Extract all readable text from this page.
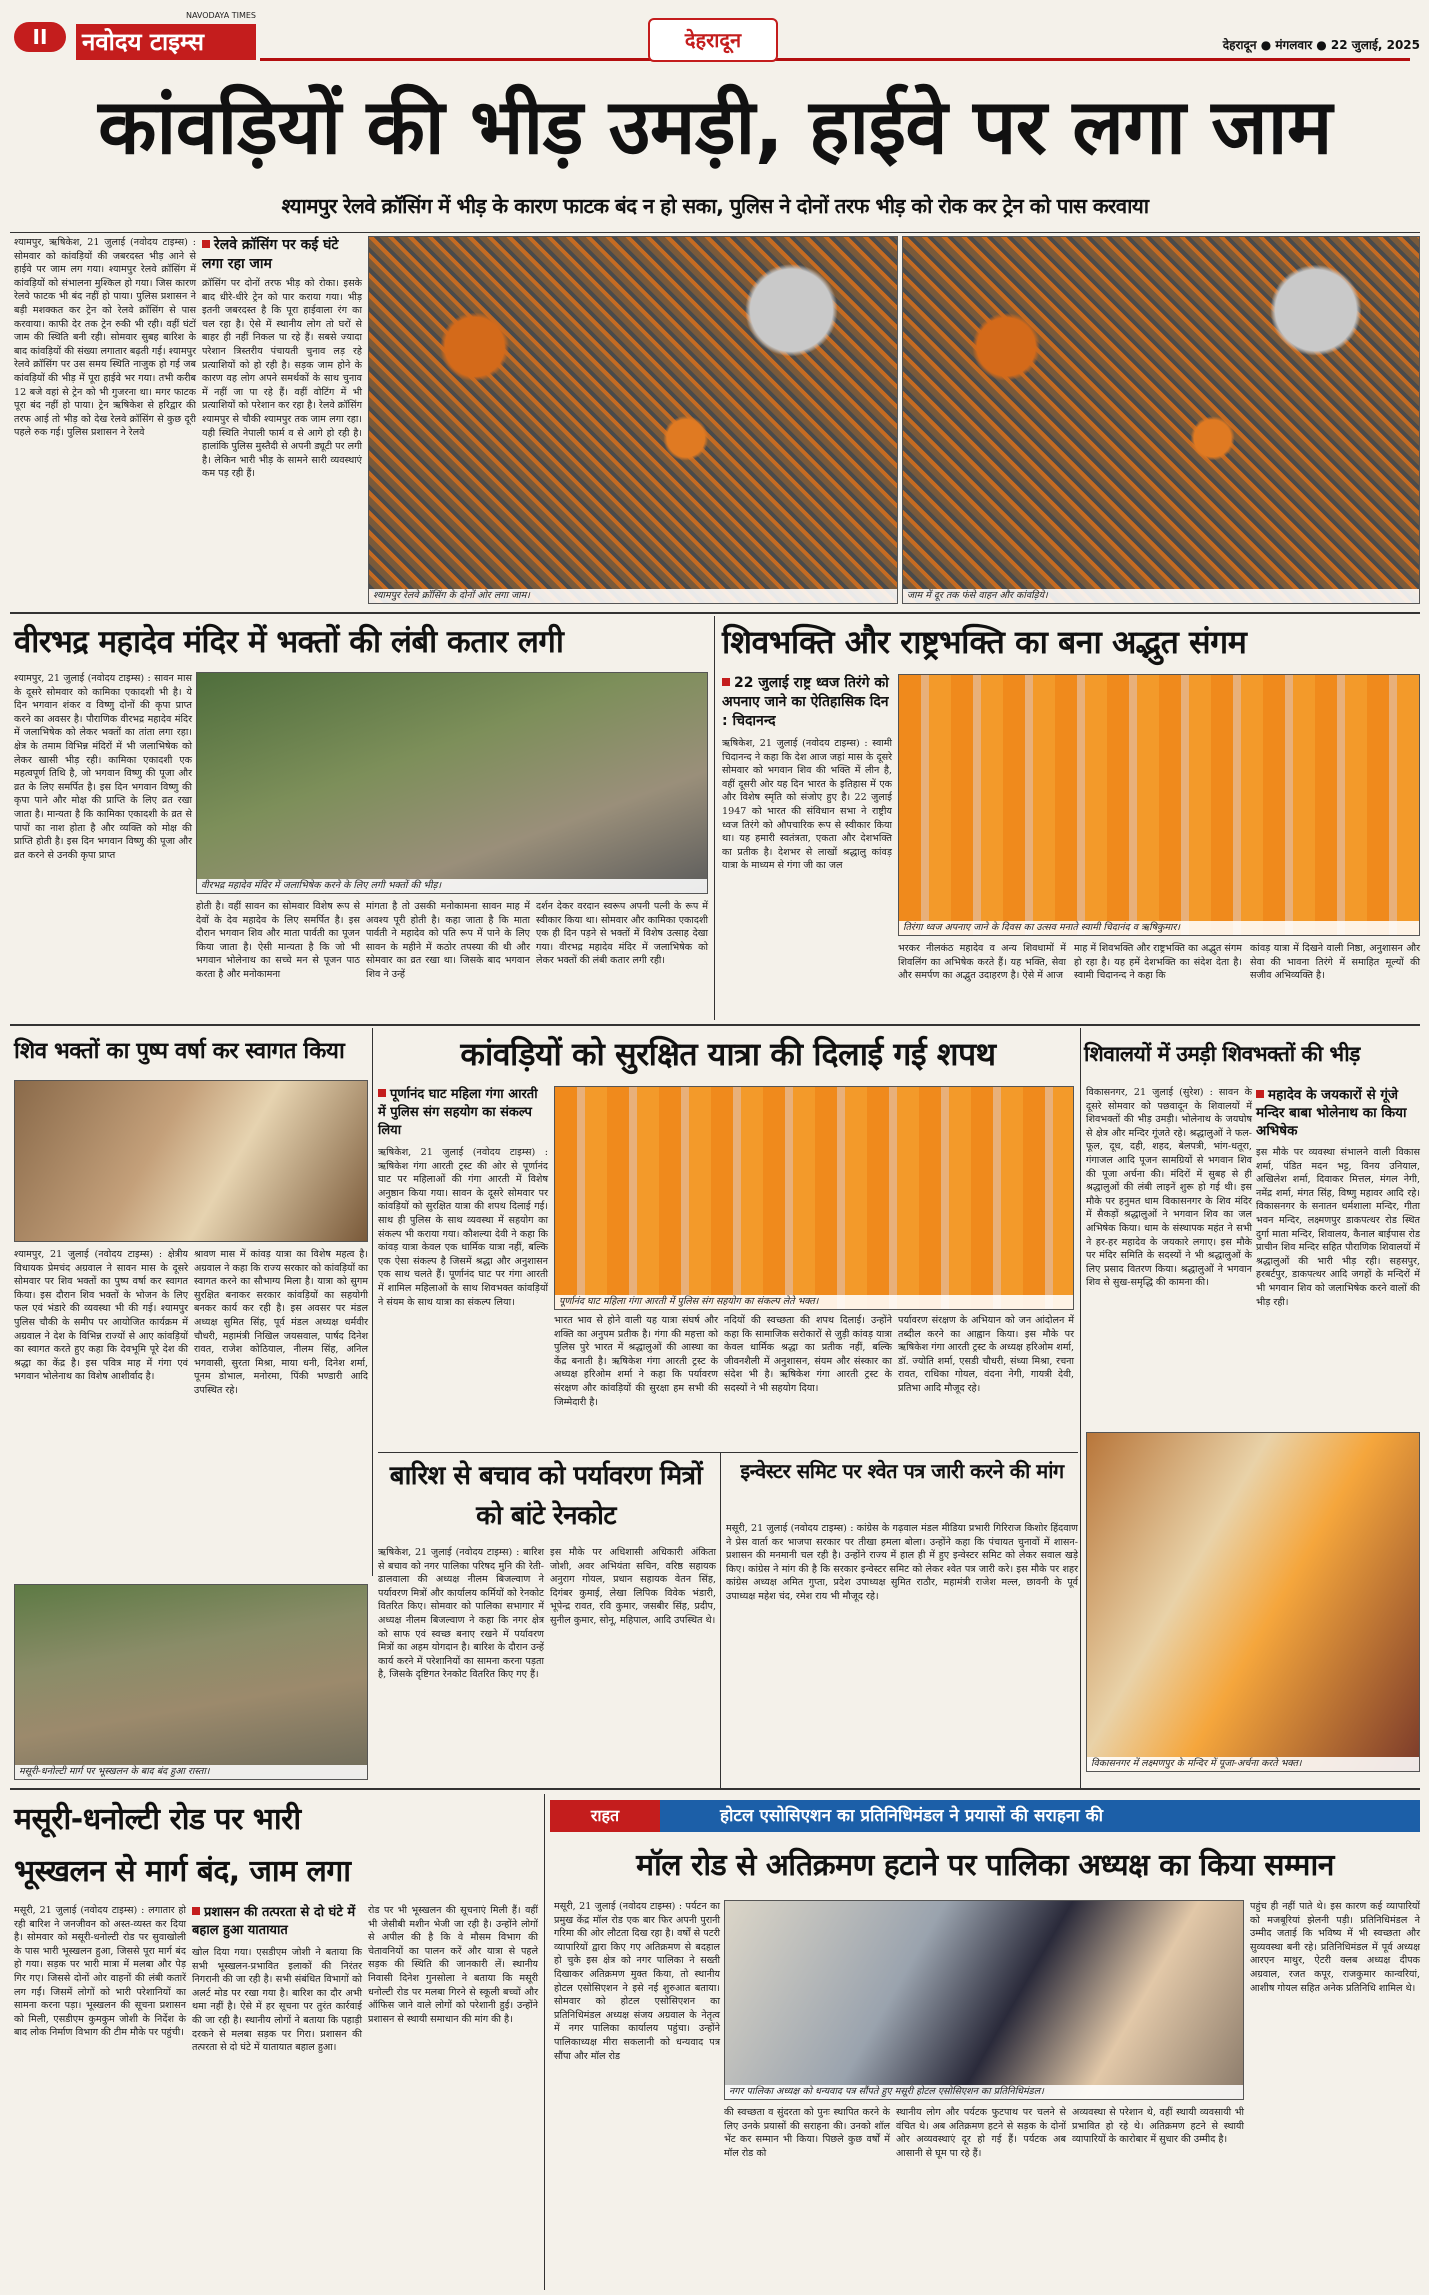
II
NAVODAYA TIMES
नवोदय टाइम्स	देहरादून	देहरादून ● मंगलवार ● 22 जुलाई, 2025
कांवड़ियों की भीड़ उमड़ी, हाईवे पर लगा जाम
श्यामपुर रेलवे क्रॉसिंग में भीड़ के कारण फाटक बंद न हो सका, पुलिस ने दोनों तरफ भीड़ को रोक कर ट्रेन को पास करवाया
श्यामपुर, ऋषिकेश, 21 जुलाई (नवोदय टाइम्स) : सोमवार को कांवड़ियों की जबरदस्त भीड़ आने से हाईवे पर जाम लग गया। श्यामपुर रेलवे क्रॉसिंग में कांवड़ियों को संभालना मुश्किल हो गया। जिस कारण रेलवे फाटक भी बंद नहीं हो पाया। पुलिस प्रशासन ने बड़ी मशक्कत कर ट्रेन को रेलवे क्रॉसिंग से पास करवाया। काफी देर तक ट्रेन रुकी भी रही। वहीं घंटों जाम की स्थिति बनी रही। सोमवार सुबह बारिश के बाद कांवड़ियों की संख्या लगातार बढ़ती गई। श्यामपुर रेलवे क्रॉसिंग पर उस समय स्थिति नाजुक हो गई जब कांवड़ियों की भीड़ में पूरा हाईवे भर गया। तभी करीब 12 बजे वहां से ट्रेन को भी गुजरना था। मगर फाटक पूरा बंद नहीं हो पाया। ट्रेन ऋषिकेश से हरिद्वार की तरफ आई तो भीड़ को देख रेलवे क्रॉसिंग से कुछ दूरी पहले रुक गई। पुलिस प्रशासन ने रेलवे
रेलवे क्रॉसिंग पर कई घंटे लगा रहा जाम
क्रॉसिंग पर दोनों तरफ भीड़ को रोका। इसके बाद धीरे-धीरे ट्रेन को पार कराया गया। भीड़ इतनी जबरदस्त है कि पूरा हाईवाला रंग का चल रहा है। ऐसे में स्थानीय लोग तो घरों से बाहर ही नहीं निकल पा रहे हैं। सबसे ज्यादा परेशान त्रिस्तरीय पंचायती चुनाव लड़ रहे प्रत्याशियों को हो रही है। सड़क जाम होने के कारण वह लोग अपने समर्थकों के साथ चुनाव में नहीं जा पा रहे हैं। वहीं वोटिंग में भी प्रत्याशियों को परेशान कर रहा है। रेलवे क्रॉसिंग श्यामपुर से चौकी श्यामपुर तक जाम लगा रहा। यही स्थिति नेपाली फार्म व से आगे हो रही है। हालांकि पुलिस मुस्तैदी से अपनी ड्यूटी पर लगी है। लेकिन भारी भीड़ के सामने सारी व्यवस्थाएं कम पड़ रही हैं।
श्यामपुर रेलवे क्रॉसिंग के दोनों ओर लगा जाम।	जाम में दूर तक फंसे वाहन और कांवड़िये।
वीरभद्र महादेव मंदिर में भक्तों की लंबी कतार लगी
श्यामपुर, 21 जुलाई (नवोदय टाइम्स) : सावन मास के दूसरे सोमवार को कामिका एकादशी भी है। ये दिन भगवान शंकर व विष्णु दोनों की कृपा प्राप्त करने का अवसर है। पौराणिक वीरभद्र महादेव मंदिर में जलाभिषेक को लेकर भक्तों का तांता लगा रहा। क्षेत्र के तमाम विभिन्न मंदिरों में भी जलाभिषेक को लेकर खासी भीड़ रही। कामिका एकादशी एक महत्वपूर्ण तिथि है, जो भगवान विष्णु की पूजा और व्रत के लिए समर्पित है। इस दिन भगवान विष्णु की कृपा पाने और मोक्ष की प्राप्ति के लिए व्रत रखा जाता है। मान्यता है कि कामिका एकादशी के व्रत से पापों का नाश होता है और व्यक्ति को मोक्ष की प्राप्ति होती है। इस दिन भगवान विष्णु की पूजा और व्रत करने से उनकी कृपा प्राप्त
वीरभद्र महादेव मंदिर में जलाभिषेक करने के लिए लगी भक्तों की भीड़।
होती है। वहीं सावन का सोमवार विशेष रूप से देवों के देव महादेव के लिए समर्पित है। इस दौरान भगवान शिव और माता पार्वती का पूजन किया जाता है। ऐसी मान्यता है कि जो भी भगवान भोलेनाथ का सच्चे मन से पूजन पाठ करता है और मनोकामना
मांगता है तो उसकी मनोकामना सावन माह में अवश्य पूरी होती है। कहा जाता है कि माता पार्वती ने महादेव को पति रूप में पाने के लिए सावन के महीने में कठोर तपस्या की थी और सोमवार का व्रत रखा था। जिसके बाद भगवान शिव ने उन्हें
दर्शन देकर वरदान स्वरूप अपनी पत्नी के रूप में स्वीकार किया था। सोमवार और कामिका एकादशी एक ही दिन पड़ने से भक्तों में विशेष उत्साह देखा गया। वीरभद्र महादेव मंदिर में जलाभिषेक को लेकर भक्तों की लंबी कतार लगी रही।
शिवभक्ति और राष्ट्रभक्ति का बना अद्भुत संगम
22 जुलाई राष्ट्र ध्वज तिरंगे को अपनाए जाने का ऐतिहासिक दिन : चिदानन्द
ऋषिकेश, 21 जुलाई (नवोदय टाइम्स) : स्वामी चिदानन्द ने कहा कि देश आज जहां मास के दूसरे सोमवार को भगवान शिव की भक्ति में लीन है, वहीं दूसरी ओर यह दिन भारत के इतिहास में एक और विशेष स्मृति को संजोए हुए है। 22 जुलाई 1947 को भारत की संविधान सभा ने राष्ट्रीय ध्वज तिरंगे को औपचारिक रूप से स्वीकार किया था। यह हमारी स्वतंत्रता, एकता और देशभक्ति का प्रतीक है। देशभर से लाखों श्रद्धालु कांवड़ यात्रा के माध्यम से गंगा जी का जल
तिरंगा ध्वज अपनाए जाने के दिवस का उत्सव मनाते स्वामी चिदानंद व ऋषिकुमार।
भरकर नीलकंठ महादेव व अन्य शिवधामों में शिवलिंग का अभिषेक करते हैं। यह भक्ति, सेवा और समर्पण का अद्भुत उदाहरण है। ऐसे में आज
माह में शिवभक्ति और राष्ट्रभक्ति का अद्भुत संगम हो रहा है। यह हमें देशभक्ति का संदेश देता है। स्वामी चिदानन्द ने कहा कि
कांवड़ यात्रा में दिखने वाली निष्ठा, अनुशासन और सेवा की भावना तिरंगे में समाहित मूल्यों की सजीव अभिव्यक्ति है।
शिव भक्तों का पुष्प वर्षा कर स्वागत किया
श्यामपुर, 21 जुलाई (नवोदय टाइम्स) : क्षेत्रीय विधायक प्रेमचंद अग्रवाल ने सावन मास के दूसरे सोमवार पर शिव भक्तों का पुष्प वर्षा कर स्वागत किया। इस दौरान शिव भक्तों के भोजन के लिए फल एवं भंडारे की व्यवस्था भी की गई। श्यामपुर पुलिस चौकी के समीप पर आयोजित कार्यक्रम में अग्रवाल ने देश के विभिन्न राज्यों से आए कांवड़ियों का स्वागत करते हुए कहा कि देवभूमि पूरे देश की श्रद्धा का केंद्र है। इस पवित्र माह में गंगा एवं भगवान भोलेनाथ का विशेष आशीर्वाद है।
श्रावण मास में कांवड़ यात्रा का विशेष महत्व है। अग्रवाल ने कहा कि राज्य सरकार को कांवड़ियों का स्वागत करने का सौभाग्य मिला है। यात्रा को सुगम सुरक्षित बनाकर सरकार कांवड़ियों का सहयोगी बनकर कार्य कर रही है। इस अवसर पर मंडल अध्यक्ष सुमित सिंह, पूर्व मंडल अध्यक्ष धर्मवीर चौधरी, महामंत्री निखिल जयसवाल, पार्षद दिनेश रावत, राजेश कोठियाल, नीलम सिंह, अनिल भगवासी, सुरता मिश्रा, माया धनी, दिनेश शर्मा, पूनम डोभाल, मनोरमा, पिंकी भण्डारी आदि उपस्थित रहे।
कांवड़ियों को सुरक्षित यात्रा की दिलाई गई शपथ
पूर्णानंद घाट महिला गंगा आरती में पुलिस संग सहयोग का संकल्प लिया
ऋषिकेश, 21 जुलाई (नवोदय टाइम्स) : ऋषिकेश गंगा आरती ट्रस्ट की ओर से पूर्णानंद घाट पर महिलाओं की गंगा आरती में विशेष अनुष्ठान किया गया। सावन के दूसरे सोमवार पर कांवड़ियों को सुरक्षित यात्रा की शपथ दिलाई गई। साथ ही पुलिस के साथ व्यवस्था में सहयोग का संकल्प भी कराया गया। कौशल्या देवी ने कहा कि कांवड़ यात्रा केवल एक धार्मिक यात्रा नहीं, बल्कि एक ऐसा संकल्प है जिसमें श्रद्धा और अनुशासन एक साथ चलते हैं। पूर्णानंद घाट पर गंगा आरती में शामिल महिलाओं के साथ शिवभक्त कांवड़ियों ने संयम के साथ यात्रा का संकल्प लिया।	पूर्णानंद घाट महिला गंगा आरती में पुलिस संग सहयोग का संकल्प लेते भक्त।
भारत भाव से होने वाली यह यात्रा संघर्ष और शक्ति का अनुपम प्रतीक है। गंगा की महत्ता को पुलिस पुरे भारत में श्रद्धालुओं की आस्था का केंद्र बनाती है। ऋषिकेश गंगा आरती ट्रस्ट के अध्यक्ष हरिओम शर्मा ने कहा कि पर्यावरण संरक्षण और कांवड़ियों की सुरक्षा हम सभी की जिम्मेदारी है।
नदियों की स्वच्छता की शपथ दिलाई। उन्होंने कहा कि सामाजिक सरोकारों से जुड़ी कांवड़ यात्रा केवल धार्मिक श्रद्धा का प्रतीक नहीं, बल्कि जीवनशैली में अनुशासन, संयम और संस्कार का संदेश भी है। ऋषिकेश गंगा आरती ट्रस्ट के सदस्यों ने भी सहयोग दिया।
पर्यावरण संरक्षण के अभियान को जन आंदोलन में तब्दील करने का आह्वान किया। इस मौके पर ऋषिकेश गंगा आरती ट्रस्ट के अध्यक्ष हरिओम शर्मा, डॉ. ज्योति शर्मा, एसडी चौधरी, संध्या मिश्रा, रचना रावत, राधिका गोयल, वंदना नेगी, गायत्री देवी, प्रतिभा आदि मौजूद रहे।
शिवालयों में उमड़ी शिवभक्तों की भीड़
विकासनगर, 21 जुलाई (सुरेश) : सावन के दूसरे सोमवार को पछवादून के शिवालयों में शिवभक्तों की भीड़ उमड़ी। भोलेनाथ के जयघोष से क्षेत्र और मन्दिर गूंजते रहे। श्रद्धालुओं ने फल-फूल, दूध, दही, शहद, बेलपत्री, भांग-धतूरा, गंगाजल आदि पूजन सामग्रियों से भगवान शिव की पूजा अर्चना की। मंदिरों में सुबह से ही श्रद्धालुओं की लंबी लाइनें शुरू हो गई थी। इस मौके पर हनुमत धाम विकासनगर के शिव मंदिर में सैकड़ों श्रद्धालुओं ने भगवान शिव का जल अभिषेक किया। धाम के संस्थापक महंत ने सभी ने हर-हर महादेव के जयकारे लगाए। इस मौके पर मंदिर समिति के सदस्यों ने भी श्रद्धालुओं के लिए प्रसाद वितरण किया। श्रद्धालुओं ने भगवान शिव से सुख-समृद्धि की कामना की।
महादेव के जयकारों से गूंजे मन्दिर बाबा भोलेनाथ का किया अभिषेक
इस मौके पर व्यवस्था संभालने वाली विकास शर्मा, पंडित मदन भट्ट, विनय उनियाल, अखिलेश शर्मा, दिवाकर मित्तल, मंगल नेगी, नमेंद्र शर्मा, मंगत सिंह, विष्णु महावर आदि रहे। विकासनगर के सनातन धर्मशाला मन्दिर, गीता भवन मन्दिर, लक्ष्मणपुर डाकपत्थर रोड स्थित दुर्गा माता मन्दिर, शिवालय, कैनाल बाईपास रोड प्राचीन शिव मन्दिर सहित पौराणिक शिवालयों में श्रद्धालुओं की भारी भीड़ रही। सहसपुर, हरबर्टपुर, डाकपत्थर आदि जगहों के मन्दिरों में भी भगवान शिव को जलाभिषेक करने वालों की भीड़ रही।
विकासनगर में लक्ष्मणपुर के मन्दिर में पूजा-अर्चना करते भक्त।
बारिश से बचाव को पर्यावरण मित्रों को बांटे रेनकोट
ऋषिकेश, 21 जुलाई (नवोदय टाइम्स) : बारिश से बचाव को नगर पालिका परिषद मुनि की रेती-ढालवाला की अध्यक्ष नीलम बिजल्वाण ने पर्यावरण मित्रों और कार्यालय कर्मियों को रेनकोट वितरित किए। सोमवार को पालिका सभागार में अध्यक्ष नीलम बिजल्वाण ने कहा कि नगर क्षेत्र को साफ एवं स्वच्छ बनाए रखने में पर्यावरण मित्रों का अहम योगदान है। बारिश के दौरान उन्हें कार्य करने में परेशानियों का सामना करना पड़ता है, जिसके दृष्टिगत रेनकोट वितरित किए गए हैं।
इस मौके पर अधिशासी अधिकारी अंकिता जोशी, अवर अभियंता सचिन, वरिष्ठ सहायक अनुराग गोयल, प्रधान सहायक वेतन सिंह, दिगंबर कुमाई, लेखा लिपिक विवेक भंडारी, भूपेन्द्र रावत, रवि कुमार, जसबीर सिंह, प्रदीप, सुनील कुमार, सोनू, महिपाल, आदि उपस्थित थे।
इन्वेस्टर समिट पर श्वेत पत्र जारी करने की मांग
मसूरी, 21 जुलाई (नवोदय टाइम्स) : कांग्रेस के गढ़वाल मंडल मीडिया प्रभारी गिरिराज किशोर हिंदवाण ने प्रेस वार्ता कर भाजपा सरकार पर तीखा हमला बोला। उन्होंने कहा कि पंचायत चुनावों में शासन-प्रशासन की मनमानी चल रही है। उन्होंने राज्य में हाल ही में हुए इन्वेस्टर समिट को लेकर सवाल खड़े किए। कांग्रेस ने मांग की है कि सरकार इन्वेस्टर समिट को लेकर श्वेत पत्र जारी करे। इस मौके पर शहर कांग्रेस अध्यक्ष अमित गुप्ता, प्रदेश उपाध्यक्ष सुमित राठौर, महामंत्री राजेश मल्ल, छावनी के पूर्व उपाध्यक्ष महेश चंद, रमेश राय भी मौजूद रहे।
मसूरी-धनोल्टी मार्ग पर भूस्खलन के बाद बंद हुआ रास्ता।
मसूरी-धनोल्टी रोड पर भारी
भूस्खलन से मार्ग बंद, जाम लगा
मसूरी, 21 जुलाई (नवोदय टाइम्स) : लगातार हो रही बारिश ने जनजीवन को अस्त-व्यस्त कर दिया है। सोमवार को मसूरी-धनोल्टी रोड पर सुवाखोली के पास भारी भूस्खलन हुआ, जिससे पूरा मार्ग बंद हो गया। सड़क पर भारी मात्रा में मलबा और पेड़ गिर गए। जिससे दोनों ओर वाहनों की लंबी कतारें लग गईं। जिसमें लोगों को भारी परेशानियों का सामना करना पड़ा। भूस्खलन की सूचना प्रशासन को मिली, एसडीएम कुमकुम जोशी के निर्देश के बाद लोक निर्माण विभाग की टीम मौके पर पहुंची।
प्रशासन की तत्परता से दो घंटे में बहाल हुआ यातायात
खोल दिया गया। एसडीएम जोशी ने बताया कि सभी भूस्खलन-प्रभावित इलाकों की निरंतर निगरानी की जा रही है। सभी संबंधित विभागों को अलर्ट मोड पर रखा गया है। बारिश का दौर अभी थमा नहीं है। ऐसे में हर सूचना पर तुरंत कार्रवाई की जा रही है। स्थानीय लोगों ने बताया कि पहाड़ी दरकने से मलबा सड़क पर गिरा। प्रशासन की तत्परता से दो घंटे में यातायात बहाल हुआ।
रोड पर भी भूस्खलन की सूचनाएं मिली हैं। वहीं भी जेसीबी मशीन भेजी जा रही है। उन्होंने लोगों से अपील की है कि वे मौसम विभाग की चेतावनियों का पालन करें और यात्रा से पहले सड़क की स्थिति की जानकारी लें। स्थानीय निवासी दिनेश गुनसोला ने बताया कि मसूरी धनोल्टी रोड पर मलबा गिरने से स्कूली बच्चों और ऑफिस जाने वाले लोगों को परेशानी हुई। उन्होंने प्रशासन से स्थायी समाधान की मांग की है।
राहत	होटल एसोसिएशन का प्रतिनिधिमंडल ने प्रयासों की सराहना की
मॉल रोड से अतिक्रमण हटाने पर पालिका अध्यक्ष का किया सम्मान
मसूरी, 21 जुलाई (नवोदय टाइम्स) : पर्यटन का प्रमुख केंद्र मॉल रोड एक बार फिर अपनी पुरानी गरिमा की ओर लौटता दिख रहा है। वर्षों से पटरी व्यापारियों द्वारा किए गए अतिक्रमण से बदहाल हो चुके इस क्षेत्र को नगर पालिका ने सख्ती दिखाकर अतिक्रमण मुक्त किया, तो स्थानीय होटल एसोसिएशन ने इसे नई शुरुआत बताया। सोमवार को होटल एसोसिएशन का प्रतिनिधिमंडल अध्यक्ष संजय अग्रवाल के नेतृत्व में नगर पालिका कार्यालय पहुंचा। उन्होंने पालिकाध्यक्ष मीरा सकलानी को धन्यवाद पत्र सौंपा और मॉल रोड
नगर पालिका अध्यक्ष को धन्यवाद पत्र सौंपते हुए मसूरी होटल एसोसिएशन का प्रतिनिधिमंडल।
की स्वच्छता व सुंदरता को पुनः स्थापित करने के लिए उनके प्रयासों की सराहना की। उनको शॉल भेंट कर सम्मान भी किया। पिछले कुछ वर्षों में मॉल रोड को
स्थानीय लोग और पर्यटक फुटपाथ पर चलने से वंचित थे। अब अतिक्रमण हटने से सड़क के दोनों ओर अव्यवस्थाएं दूर हो गई हैं। पर्यटक अब आसानी से घूम पा रहे हैं।
अव्यवस्था से परेशान थे, वहीं स्थायी व्यवसायी भी प्रभावित हो रहे थे। अतिक्रमण हटने से स्थायी व्यापारियों के कारोबार में सुधार की उम्मीद है।
पहुंच ही नहीं पाते थे। इस कारण कई व्यापारियों को मजबूरियां झेलनी पड़ी। प्रतिनिधिमंडल ने उम्मीद जताई कि भविष्य में भी स्वच्छता और सुव्यवस्था बनी रहे। प्रतिनिधिमंडल में पूर्व अध्यक्ष आरएन माथुर, ऐटरी क्लब अध्यक्ष दीपक अग्रवाल, रजत कपूर, राजकुमार कान्वरियां, आशीष गोयल सहित अनेक प्रतिनिधि शामिल थे।
